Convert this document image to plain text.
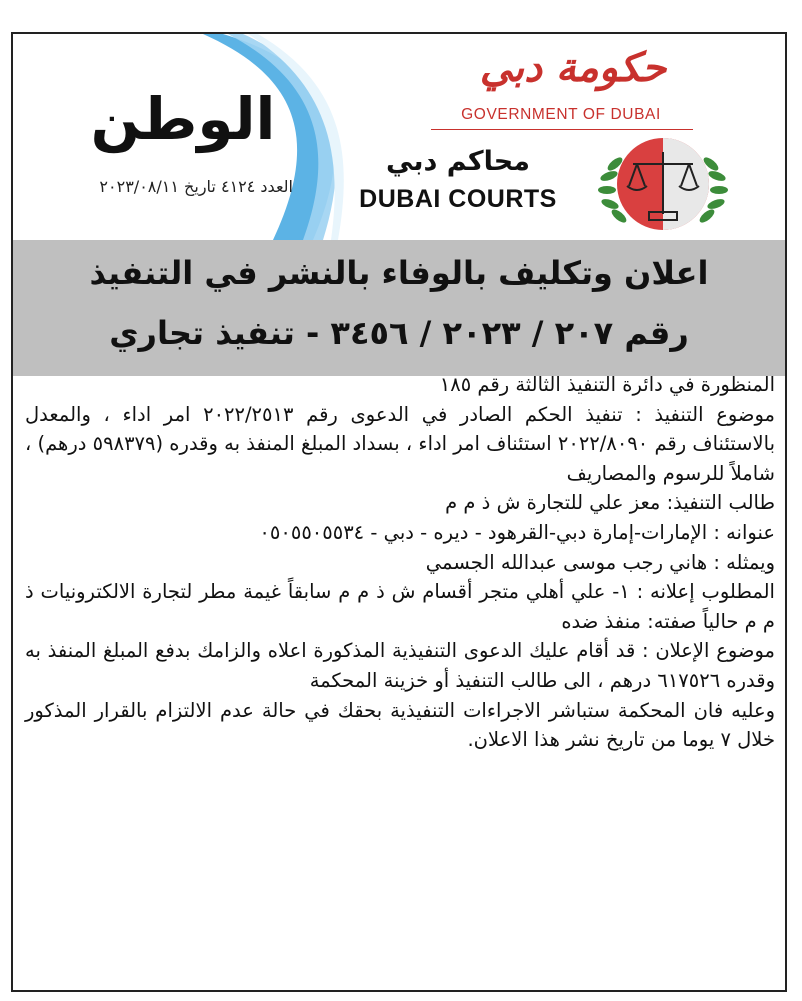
الوطن
العدد ٤١٢٤ تاريخ ٢٠٢٣/٠٨/١١
حكومة دبي
GOVERNMENT OF DUBAI
محاكم دبي
DUBAI COURTS
اعلان وتكليف بالوفاء بالنشر في التنفيذ
رقم ٢٠٧ / ٢٠٢٣ / ٣٤٥٦ - تنفيذ تجاري

المنظورة في دائرة التنفيذ الثالثة رقم ١٨٥

موضوع التنفيذ : تنفيذ الحكم الصادر في الدعوى رقم ٢٠٢٢/٢٥١٣ امر اداء ، والمعدل بالاستئناف رقم ٢٠٢٢/٨٠٩٠ استئناف امر اداء ، بسداد المبلغ المنفذ به وقدره (٥٩٨٣٧٩ درهم) ، شاملاً للرسوم والمصاريف

طالب التنفيذ: معز علي للتجارة ش ذ م م

عنوانه : الإمارات-إمارة دبي-القرهود - ديره - دبي - ٠٥٠٥٥٠٥٥٣٤

ويمثله : هاني رجب موسى عبدالله الجسمي

المطلوب إعلانه : ١- علي أهلي متجر أقسام ش ذ م م سابقاً غيمة مطر لتجارة الالكترونيات ذ م م حالياً صفته: منفذ ضده

موضوع الإعلان : قد أقام عليك الدعوى التنفيذية المذكورة اعلاه والزامك بدفع المبلغ المنفذ به وقدره ٦١٧٥٢٦ درهم ، الى طالب التنفيذ أو خزينة المحكمة

وعليه فان المحكمة ستباشر الاجراءات التنفيذية بحقك في حالة عدم الالتزام بالقرار المذكور خلال ٧ يوما من تاريخ نشر هذا الاعلان.
